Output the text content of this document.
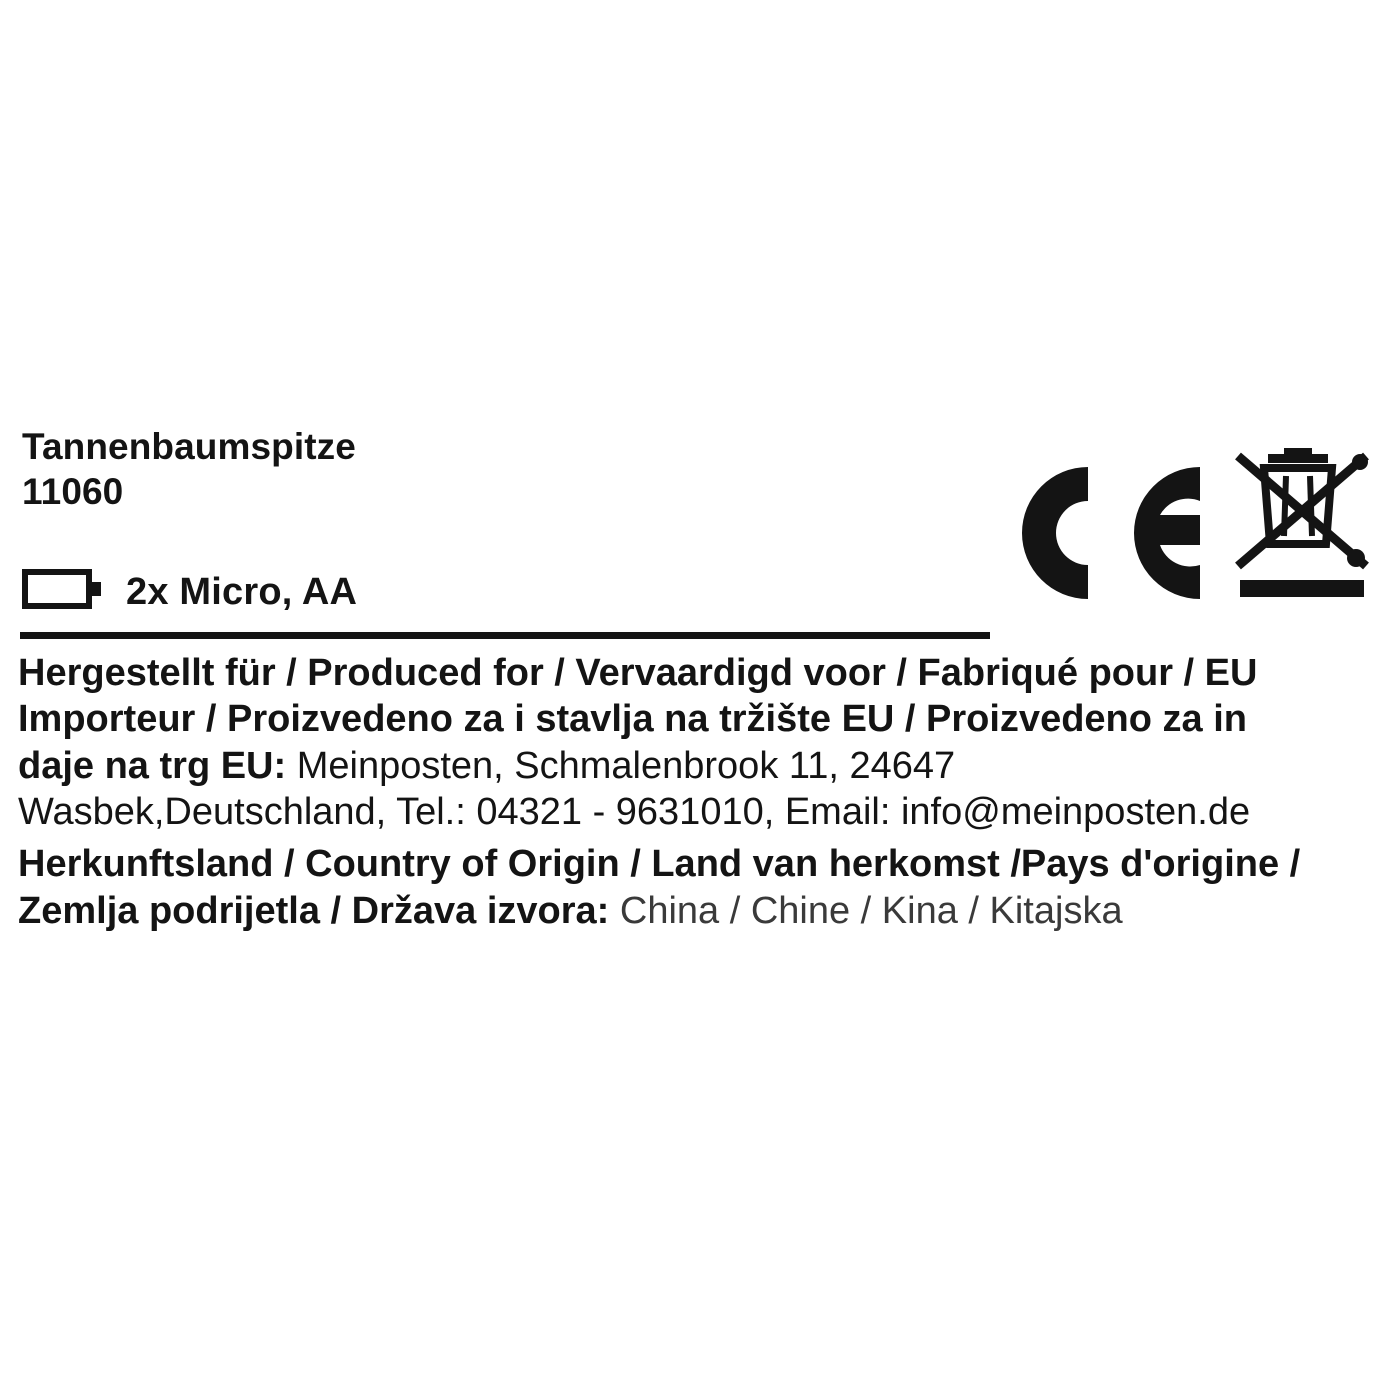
Tannenbaumspitze
11060
2x Micro, AA

Hergestellt für / Produced for / Vervaardigd voor / Fabriqué pour / EU Importeur / Proizvedeno za i stavlja na tržište EU / Proizvedeno za in daje na trg EU: Meinposten, Schmalenbrook 11, 24647 Wasbek,Deutschland, Tel.: 04321 - 9631010, Email: info@meinposten.de

Herkunftsland / Country of Origin / Land van herkomst /Pays d'origine / Zemlja podrijetla / Država izvora: China / Chine / Kina / Kitajska
